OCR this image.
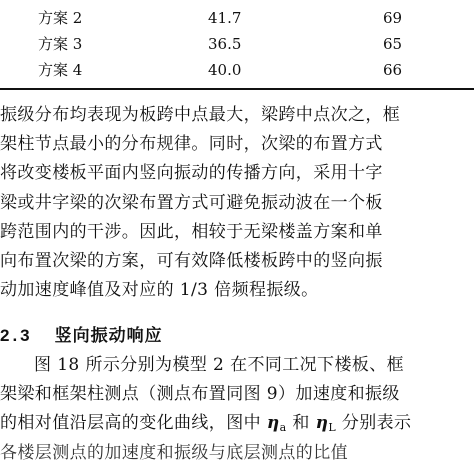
方案 2	41.7	69
方案 3	36.5	65
方案 4	40.0	66

振级分布均表现为板跨中点最大，梁跨中点次之，框
架柱节点最小的分布规律。同时，次梁的布置方式
将改变楼板平面内竖向振动的传播方向，采用十字
梁或井字梁的次梁布置方式可避免振动波在一个板
跨范围内的干涉。因此，相较于无梁楼盖方案和单
向布置次梁的方案，可有效降低楼板跨中的竖向振
动加速度峰值及对应的 1/3 倍频程振级。

2.3 竖向振动响应

图 18 所示分别为模型 2 在不同工况下楼板、框
架梁和框架柱测点（测点布置同图 9）加速度和振级
的相对值沿层高的变化曲线，图中 $\eta_a$ 和 $\eta_L$ 分别表示
各楼层测点的加速度和振级与底层测点的比值
